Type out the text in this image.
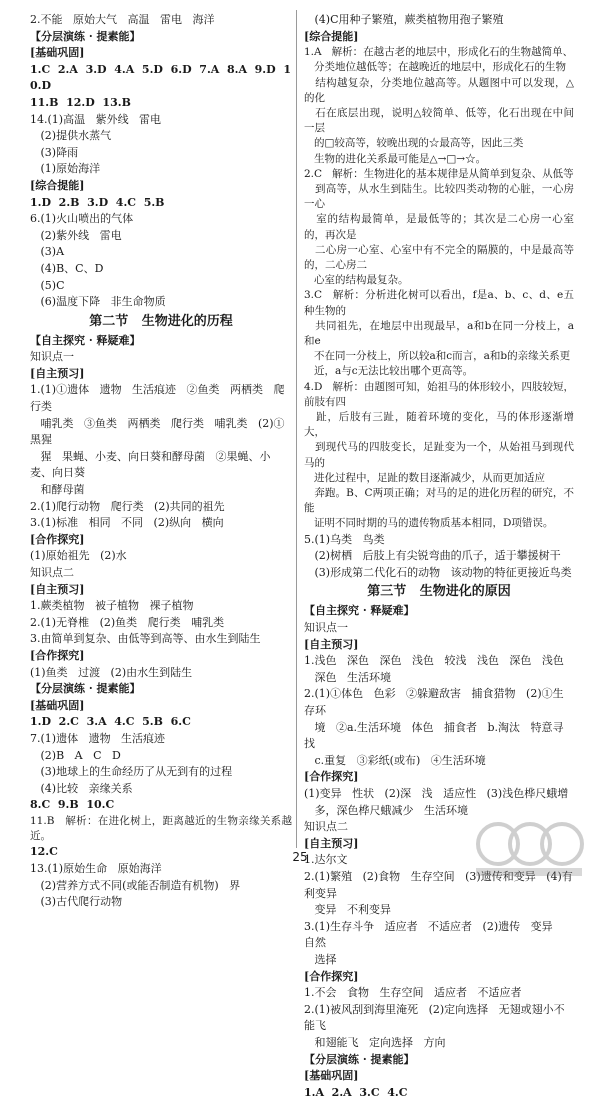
2.不能   原始大气   高温   雷电   海洋
【分层演练 · 提素能】
[基础巩固]
1.C  2.A  3.D  4.A  5.D  6.D  7.A  8.A  9.D  10.D
11.B  12.D  13.B
14.(1)高温   紫外线   雷电
(2)提供水蒸气
(3)降雨
(1)原始海洋
[综合提能]
1.D  2.B  3.D  4.C  5.B
6.(1)火山喷出的气体
(2)紫外线   雷电
(3)A
(4)B、C、D
(5)C
(6)温度下降   非生命物质
第二节   生物进化的历程
【自主探究 · 释疑难】
知识点一
[自主预习]
1.(1)①遗体   遗物   生活痕迹   ②鱼类   两栖类   爬行类
哺乳类   ③鱼类   两栖类   爬行类   哺乳类   (2)①黑猩
猩   果蝇、小麦、向日葵和酵母菌   ②果蝇、小麦、向日葵
和酵母菌
2.(1)爬行动物   爬行类   (2)共同的祖先
3.(1)标准   相同   不同   (2)纵向   横向
[合作探究]
(1)原始祖先   (2)水
知识点二
[自主预习]
1.蕨类植物   被子植物   裸子植物
2.(1)无脊椎   (2)鱼类   爬行类   哺乳类
3.由简单到复杂、由低等到高等、由水生到陆生
[合作探究]
(1)鱼类   过渡   (2)由水生到陆生
【分层演练 · 提素能】
[基础巩固]
1.D  2.C  3.A  4.C  5.B  6.C
7.(1)遗体   遗物   生活痕迹
(2)B   A   C   D
(3)地球上的生命经历了从无到有的过程
(4)比较   亲缘关系
8.C  9.B  10.C
11.B   解析：在进化树上，距离越近的生物亲缘关系越近。
12.C
13.(1)原始生命   原始海洋
(2)营养方式不同(或能否制造有机物)   界
(3)古代爬行动物
(4)C用种子繁殖，蕨类植物用孢子繁殖
[综合提能]
1.A   解析：在越古老的地层中，形成化石的生物越简单、
分类地位越低等；在越晚近的地层中，形成化石的生物
结构越复杂，分类地位越高等。从题图中可以发现，△的化
石在底层出现，说明△较简单、低等，化石出现在中间一层
的□较高等，较晚出现的☆最高等，因此三类
生物的进化关系最可能是△→□→☆。
2.C   解析：生物进化的基本规律是从简单到复杂、从低等
到高等，从水生到陆生。比较四类动物的心脏，一心房一心
室的结构最简单，是最低等的；其次是二心房一心室的，再次是
二心房一心室、心室中有不完全的隔膜的，中是最高等的，二心房二
心室的结构最复杂。
3.C   解析：分析进化树可以看出，f是a、b、c、d、e五种生物的
共同祖先，在地层中出现最早，a和b在同一分枝上，a和e
不在同一分枝上，所以较a和c而言，a和b的亲缘关系更
近，a与c无法比较出哪个更高等。
4.D   解析：由题图可知，始祖马的体形较小，四肢较短，前肢有四
趾，后肢有三趾，随着环境的变化，马的体形逐渐增大，
到现代马的四肢变长，足趾变为一个，从始祖马到现代马的
进化过程中，足趾的数目逐渐减少，从而更加适应
奔跑。B、C两项正确；对马的足的进化历程的研究，不能
证明不同时期的马的遗传物质基本相同，D项错误。
5.(1)乌类   鸟类
(2)树栖   后肢上有尖锐弯曲的爪子，适于攀援树干
(3)形成第二代化石的动物   该动物的特征更接近鸟类
第三节   生物进化的原因
【自主探究 · 释疑难】
知识点一
[自主预习]
1.浅色   深色   深色   浅色   较浅   浅色   深色   浅色
深色   生活环境
2.(1)①体色   色彩   ②躲避敌害   捕食猎物   (2)①生存环
境   ②a.生活环境   体色   捕食者   b.淘汰   特意寻找
c.重复   ③彩纸(或布)   ④生活环境
[合作探究]
(1)变异   性状   (2)深   浅   适应性   (3)浅色桦尺蛾增
多，深色桦尺蛾减少   生活环境
知识点二
[自主预习]
1.达尔文
2.(1)繁殖   (2)食物   生存空间   (3)遗传和变异   (4)有利变异
变异   不利变异
3.(1)生存斗争   适应者   不适应者   (2)遗传   变异   自然
选择
[合作探究]
1.不会   食物   生存空间   适应者   不适应者
2.(1)被风刮到海里淹死   (2)定向选择   无翅或翅小不能飞
和翅能飞   定向选择   方向
【分层演练 · 提素能】
[基础巩固]
1.A  2.A  3.C  4.C
25
